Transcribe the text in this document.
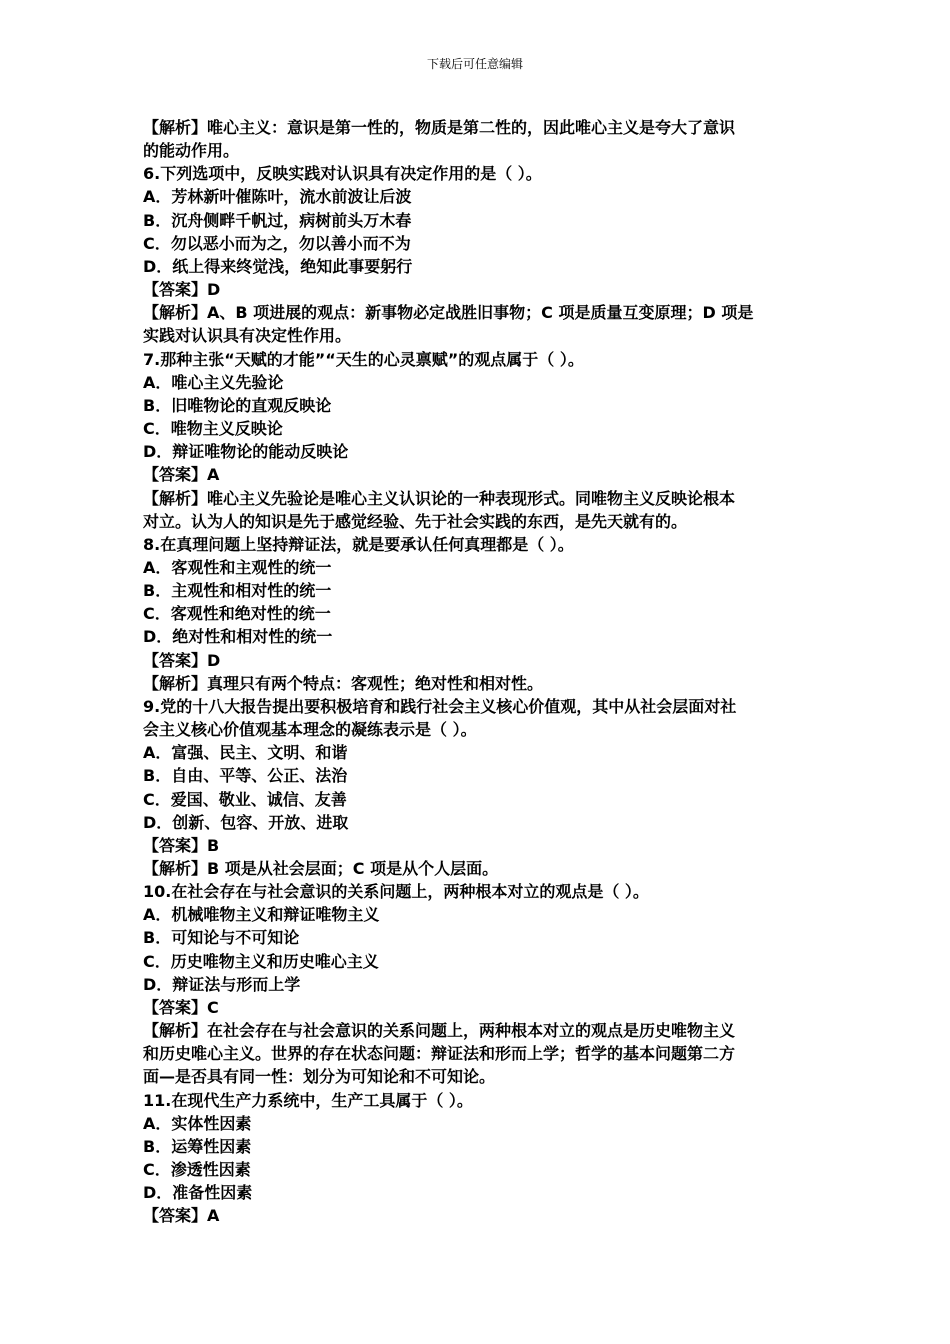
下载后可任意编辑

【解析】唯心主义：意识是第一性的，物质是第二性的，因此唯心主义是夸大了意识

的能动作用。

6.下列选项中，反映实践对认识具有决定作用的是（ ）。

A．芳林新叶催陈叶，流水前波让后波

B．沉舟侧畔千帆过，病树前头万木春

C．勿以恶小而为之，勿以善小而不为

D．纸上得来终觉浅，绝知此事要躬行

【答案】D

【解析】A、B 项进展的观点：新事物必定战胜旧事物；C 项是质量互变原理；D 项是

实践对认识具有决定性作用。

7.那种主张“天赋的才能”“天生的心灵禀赋”的观点属于（ ）。

A．唯心主义先验论

B．旧唯物论的直观反映论

C．唯物主义反映论

D．辩证唯物论的能动反映论

【答案】A

【解析】唯心主义先验论是唯心主义认识论的一种表现形式。同唯物主义反映论根本

对立。认为人的知识是先于感觉经验、先于社会实践的东西，是先天就有的。

8.在真理问题上坚持辩证法，就是要承认任何真理都是（ ）。

A．客观性和主观性的统一

B．主观性和相对性的统一

C．客观性和绝对性的统一

D．绝对性和相对性的统一

【答案】D

【解析】真理只有两个特点：客观性；绝对性和相对性。

9.党的十八大报告提出要积极培育和践行社会主义核心价值观，其中从社会层面对社

会主义核心价值观基本理念的凝练表示是（ ）。

A．富强、民主、文明、和谐

B．自由、平等、公正、法治

C．爱国、敬业、诚信、友善

D．创新、包容、开放、进取

【答案】B

【解析】B 项是从社会层面；C 项是从个人层面。

10.在社会存在与社会意识的关系问题上，两种根本对立的观点是（ ）。

A．机械唯物主义和辩证唯物主义

B．可知论与不可知论

C．历史唯物主义和历史唯心主义

D．辩证法与形而上学

【答案】C

【解析】在社会存在与社会意识的关系问题上，两种根本对立的观点是历史唯物主义

和历史唯心主义。世界的存在状态问题：辩证法和形而上学；哲学的基本问题第二方

面—是否具有同一性：划分为可知论和不可知论。

11.在现代生产力系统中，生产工具属于（ ）。

A．实体性因素

B．运筹性因素

C．渗透性因素

D．准备性因素

【答案】A
